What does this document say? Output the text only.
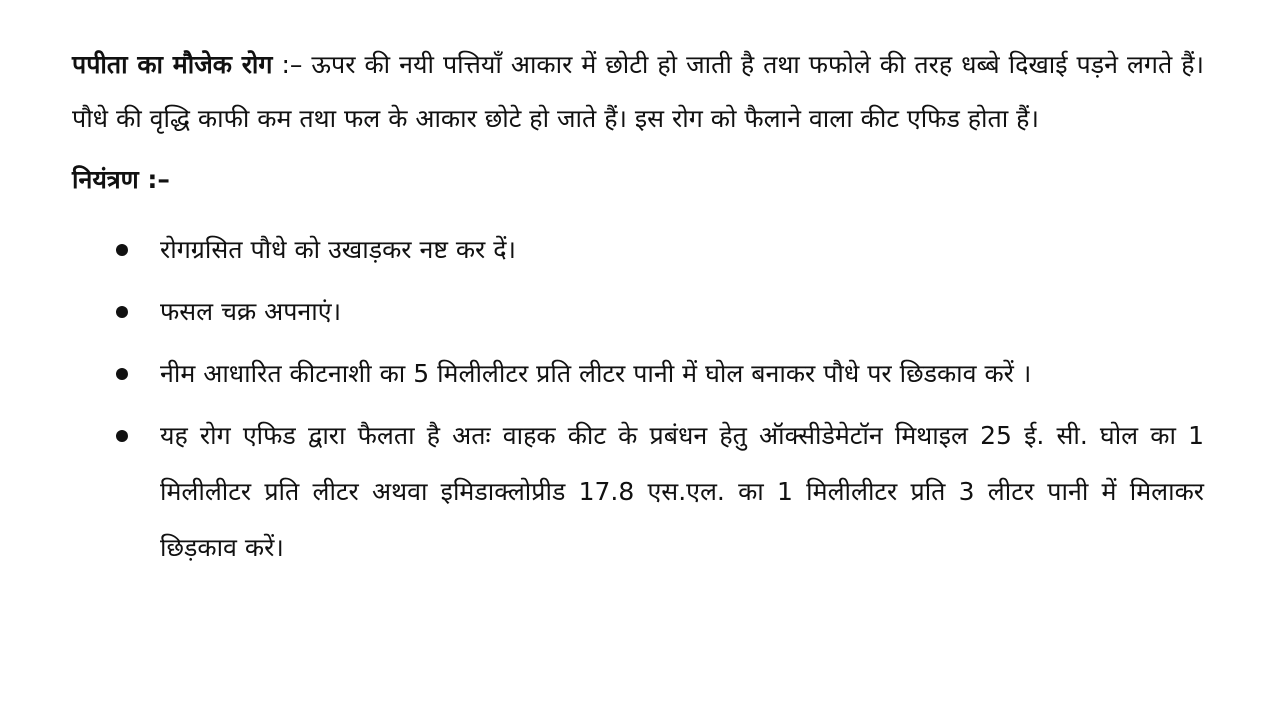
पपीता का मौजेक रोग :– ऊपर की नयी पत्तियाँ आकार में छोटी हो जाती है तथा फफोले की तरह धब्बे दिखाई पड़ने लगते हैं। पौधे की वृद्धि काफी कम तथा फल के आकार छोटे हो जाते हैं। इस रोग को फैलाने वाला कीट एफिड होता हैं।

नियंत्रण :–
रोगग्रसित पौधे को उखाड़कर नष्ट कर दें।
फसल चक्र अपनाएं।
नीम आधारित कीटनाशी का 5 मिलीलीटर प्रति लीटर पानी में घोल बनाकर पौधे पर छिडकाव करें ।
यह रोग एफिड द्वारा फैलता है अतः वाहक कीट के प्रबंधन हेतु ऑक्सीडेमेटॉन मिथाइल 25 ई. सी. घोल का 1 मिलीलीटर प्रति लीटर अथवा इमिडाक्लोप्रीड 17.8 एस.एल. का 1 मिलीलीटर प्रति 3 लीटर पानी में मिलाकर छिड़काव करें।
